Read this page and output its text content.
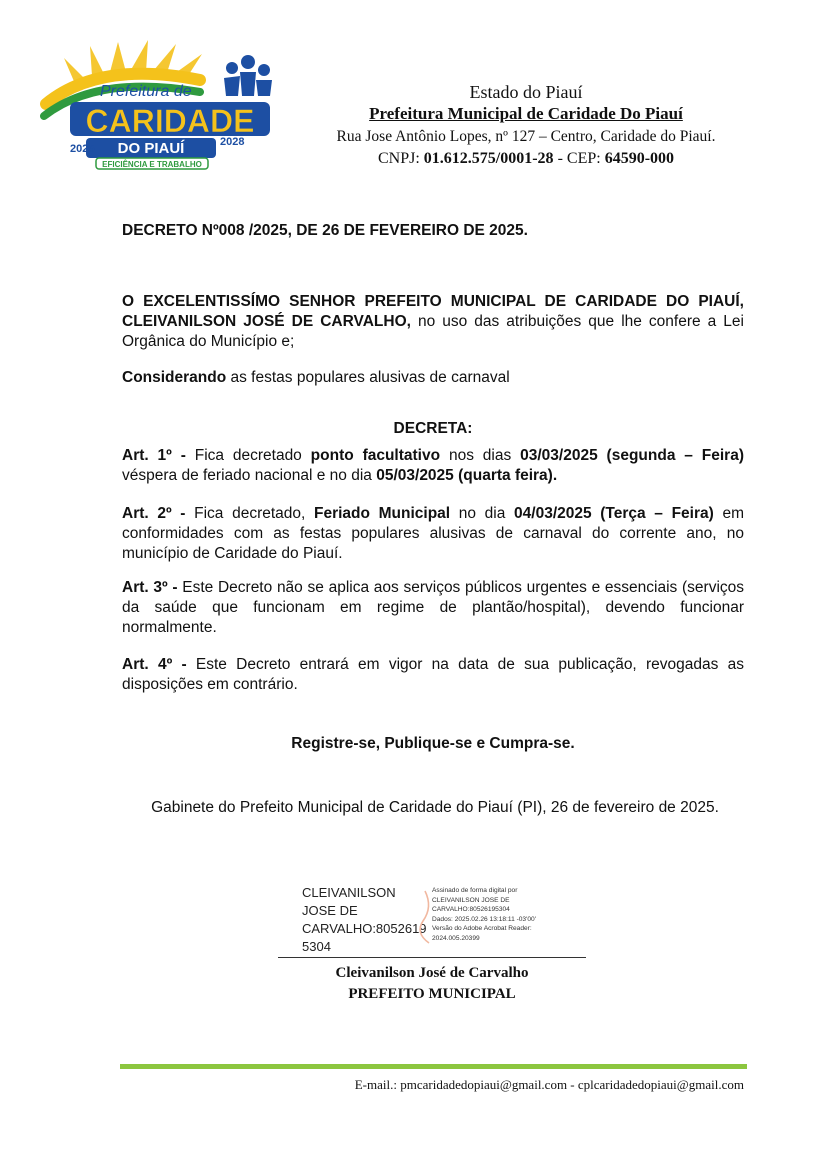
Prefeitura de
CARIDADE
2025 DO PIAUÍ	2028
EFICIÊNCIA E TRABALHO
Estado do Piauí
Prefeitura Municipal de Caridade Do Piauí
Rua Jose Antônio Lopes, nº 127 – Centro, Caridade do Piauí.
CNPJ: 01.612.575/0001-28 - CEP: 64590-000
DECRETO Nº008 /2025, DE 26 DE FEVEREIRO DE 2025.
O EXCELENTISSÍMO SENHOR PREFEITO MUNICIPAL DE CARIDADE DO PIAUÍ, CLEIVANILSON JOSÉ DE CARVALHO, no uso das atribuições que lhe confere a Lei Orgânica do Município e;
Considerando as festas populares alusivas de carnaval
DECRETA:
Art. 1º - Fica decretado ponto facultativo nos dias 03/03/2025 (segunda – Feira) véspera de feriado nacional e no dia 05/03/2025 (quarta feira).
Art. 2º - Fica decretado, Feriado Municipal no dia 04/03/2025 (Terça – Feira) em conformidades com as festas populares alusivas de carnaval do corrente ano, no município de Caridade do Piauí.
Art. 3º - Este Decreto não se aplica aos serviços públicos urgentes e essenciais (serviços da saúde que funcionam em regime de plantão/hospital), devendo funcionar normalmente.
Art. 4º - Este Decreto entrará em vigor na data de sua publicação, revogadas as disposições em contrário.
Registre-se, Publique-se e Cumpra-se.
Gabinete do Prefeito Municipal de Caridade do Piauí (PI), 26 de fevereiro de 2025.
CLEIVANILSON JOSE DE CARVALHO:8052619 5304
Assinado de forma digital por
CLEIVANILSON JOSE DE
CARVALHO:80526195304
Dados: 2025.02.26 13:18:11 -03'00'
Versão do Adobe Acrobat Reader:
2024.005.20399
Cleivanilson José de Carvalho
PREFEITO MUNICIPAL
E-mail.: pmcaridadedopiaui@gmail.com - cplcaridadedopiaui@gmail.com
